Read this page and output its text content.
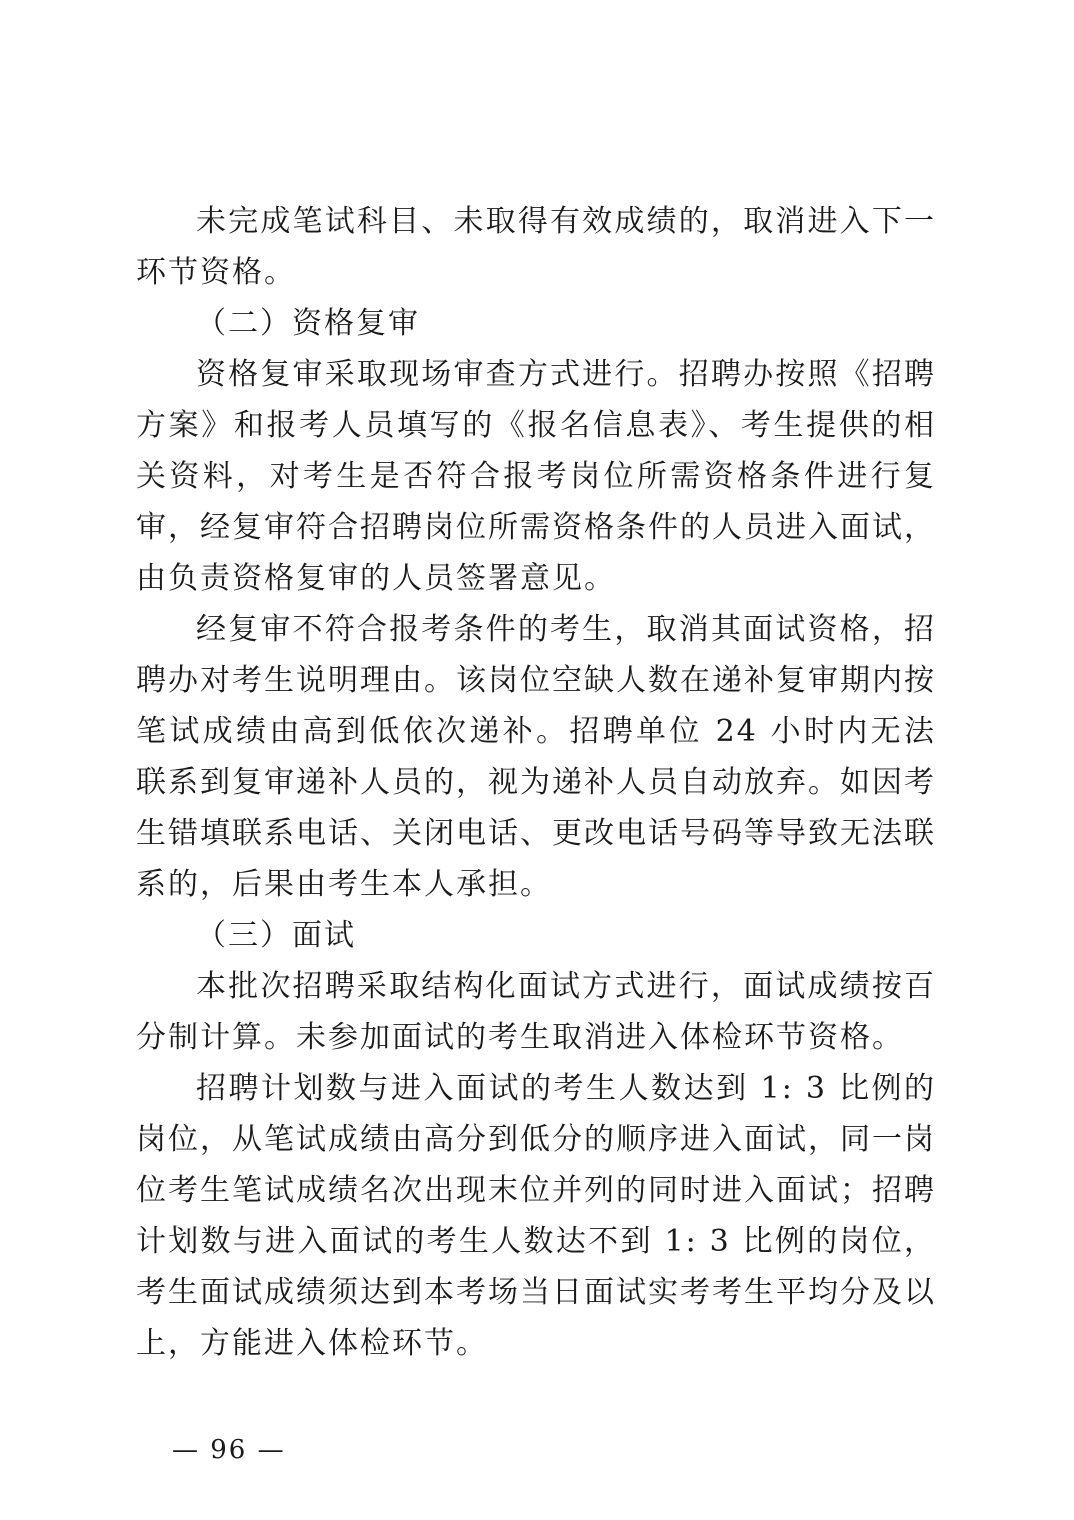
未完成笔试科目、未取得有效成绩的，取消进入下一环节资格。

（二）资格复审

资格复审采取现场审查方式进行。招聘办按照《招聘方案》和报考人员填写的《报名信息表》、考生提供的相关资料，对考生是否符合报考岗位所需资格条件进行复审，经复审符合招聘岗位所需资格条件的人员进入面试，由负责资格复审的人员签署意见。

经复审不符合报考条件的考生，取消其面试资格，招聘办对考生说明理由。该岗位空缺人数在递补复审期内按笔试成绩由高到低依次递补。招聘单位 24 小时内无法联系到复审递补人员的，视为递补人员自动放弃。如因考生错填联系电话、关闭电话、更改电话号码等导致无法联系的，后果由考生本人承担。

（三）面试

本批次招聘采取结构化面试方式进行，面试成绩按百分制计算。未参加面试的考生取消进入体检环节资格。

招聘计划数与进入面试的考生人数达到 1: 3 比例的岗位，从笔试成绩由高分到低分的顺序进入面试，同一岗位考生笔试成绩名次出现末位并列的同时进入面试；招聘计划数与进入面试的考生人数达不到 1: 3 比例的岗位，考生面试成绩须达到本考场当日面试实考考生平均分及以上，方能进入体检环节。

— 96 —
